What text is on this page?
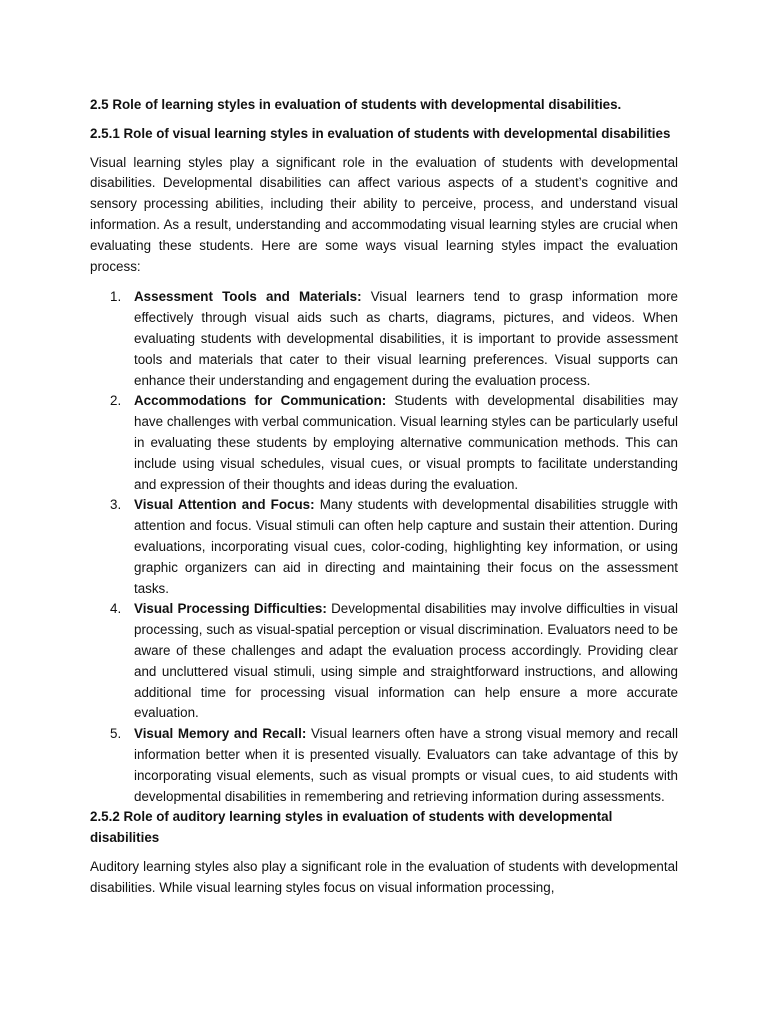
2.5 Role of learning styles in evaluation of students with developmental disabilities.
2.5.1 Role of visual learning styles in evaluation of students with developmental disabilities
Visual learning styles play a significant role in the evaluation of students with developmental disabilities. Developmental disabilities can affect various aspects of a student’s cognitive and sensory processing abilities, including their ability to perceive, process, and understand visual information. As a result, understanding and accommodating visual learning styles are crucial when evaluating these students. Here are some ways visual learning styles impact the evaluation process:
1. Assessment Tools and Materials: Visual learners tend to grasp information more effectively through visual aids such as charts, diagrams, pictures, and videos. When evaluating students with developmental disabilities, it is important to provide assessment tools and materials that cater to their visual learning preferences. Visual supports can enhance their understanding and engagement during the evaluation process.
2. Accommodations for Communication: Students with developmental disabilities may have challenges with verbal communication. Visual learning styles can be particularly useful in evaluating these students by employing alternative communication methods. This can include using visual schedules, visual cues, or visual prompts to facilitate understanding and expression of their thoughts and ideas during the evaluation.
3. Visual Attention and Focus: Many students with developmental disabilities struggle with attention and focus. Visual stimuli can often help capture and sustain their attention. During evaluations, incorporating visual cues, color-coding, highlighting key information, or using graphic organizers can aid in directing and maintaining their focus on the assessment tasks.
4. Visual Processing Difficulties: Developmental disabilities may involve difficulties in visual processing, such as visual-spatial perception or visual discrimination. Evaluators need to be aware of these challenges and adapt the evaluation process accordingly. Providing clear and uncluttered visual stimuli, using simple and straightforward instructions, and allowing additional time for processing visual information can help ensure a more accurate evaluation.
5. Visual Memory and Recall: Visual learners often have a strong visual memory and recall information better when it is presented visually. Evaluators can take advantage of this by incorporating visual elements, such as visual prompts or visual cues, to aid students with developmental disabilities in remembering and retrieving information during assessments.
2.5.2 Role of auditory learning styles in evaluation of students with developmental disabilities
Auditory learning styles also play a significant role in the evaluation of students with developmental disabilities. While visual learning styles focus on visual information processing,
